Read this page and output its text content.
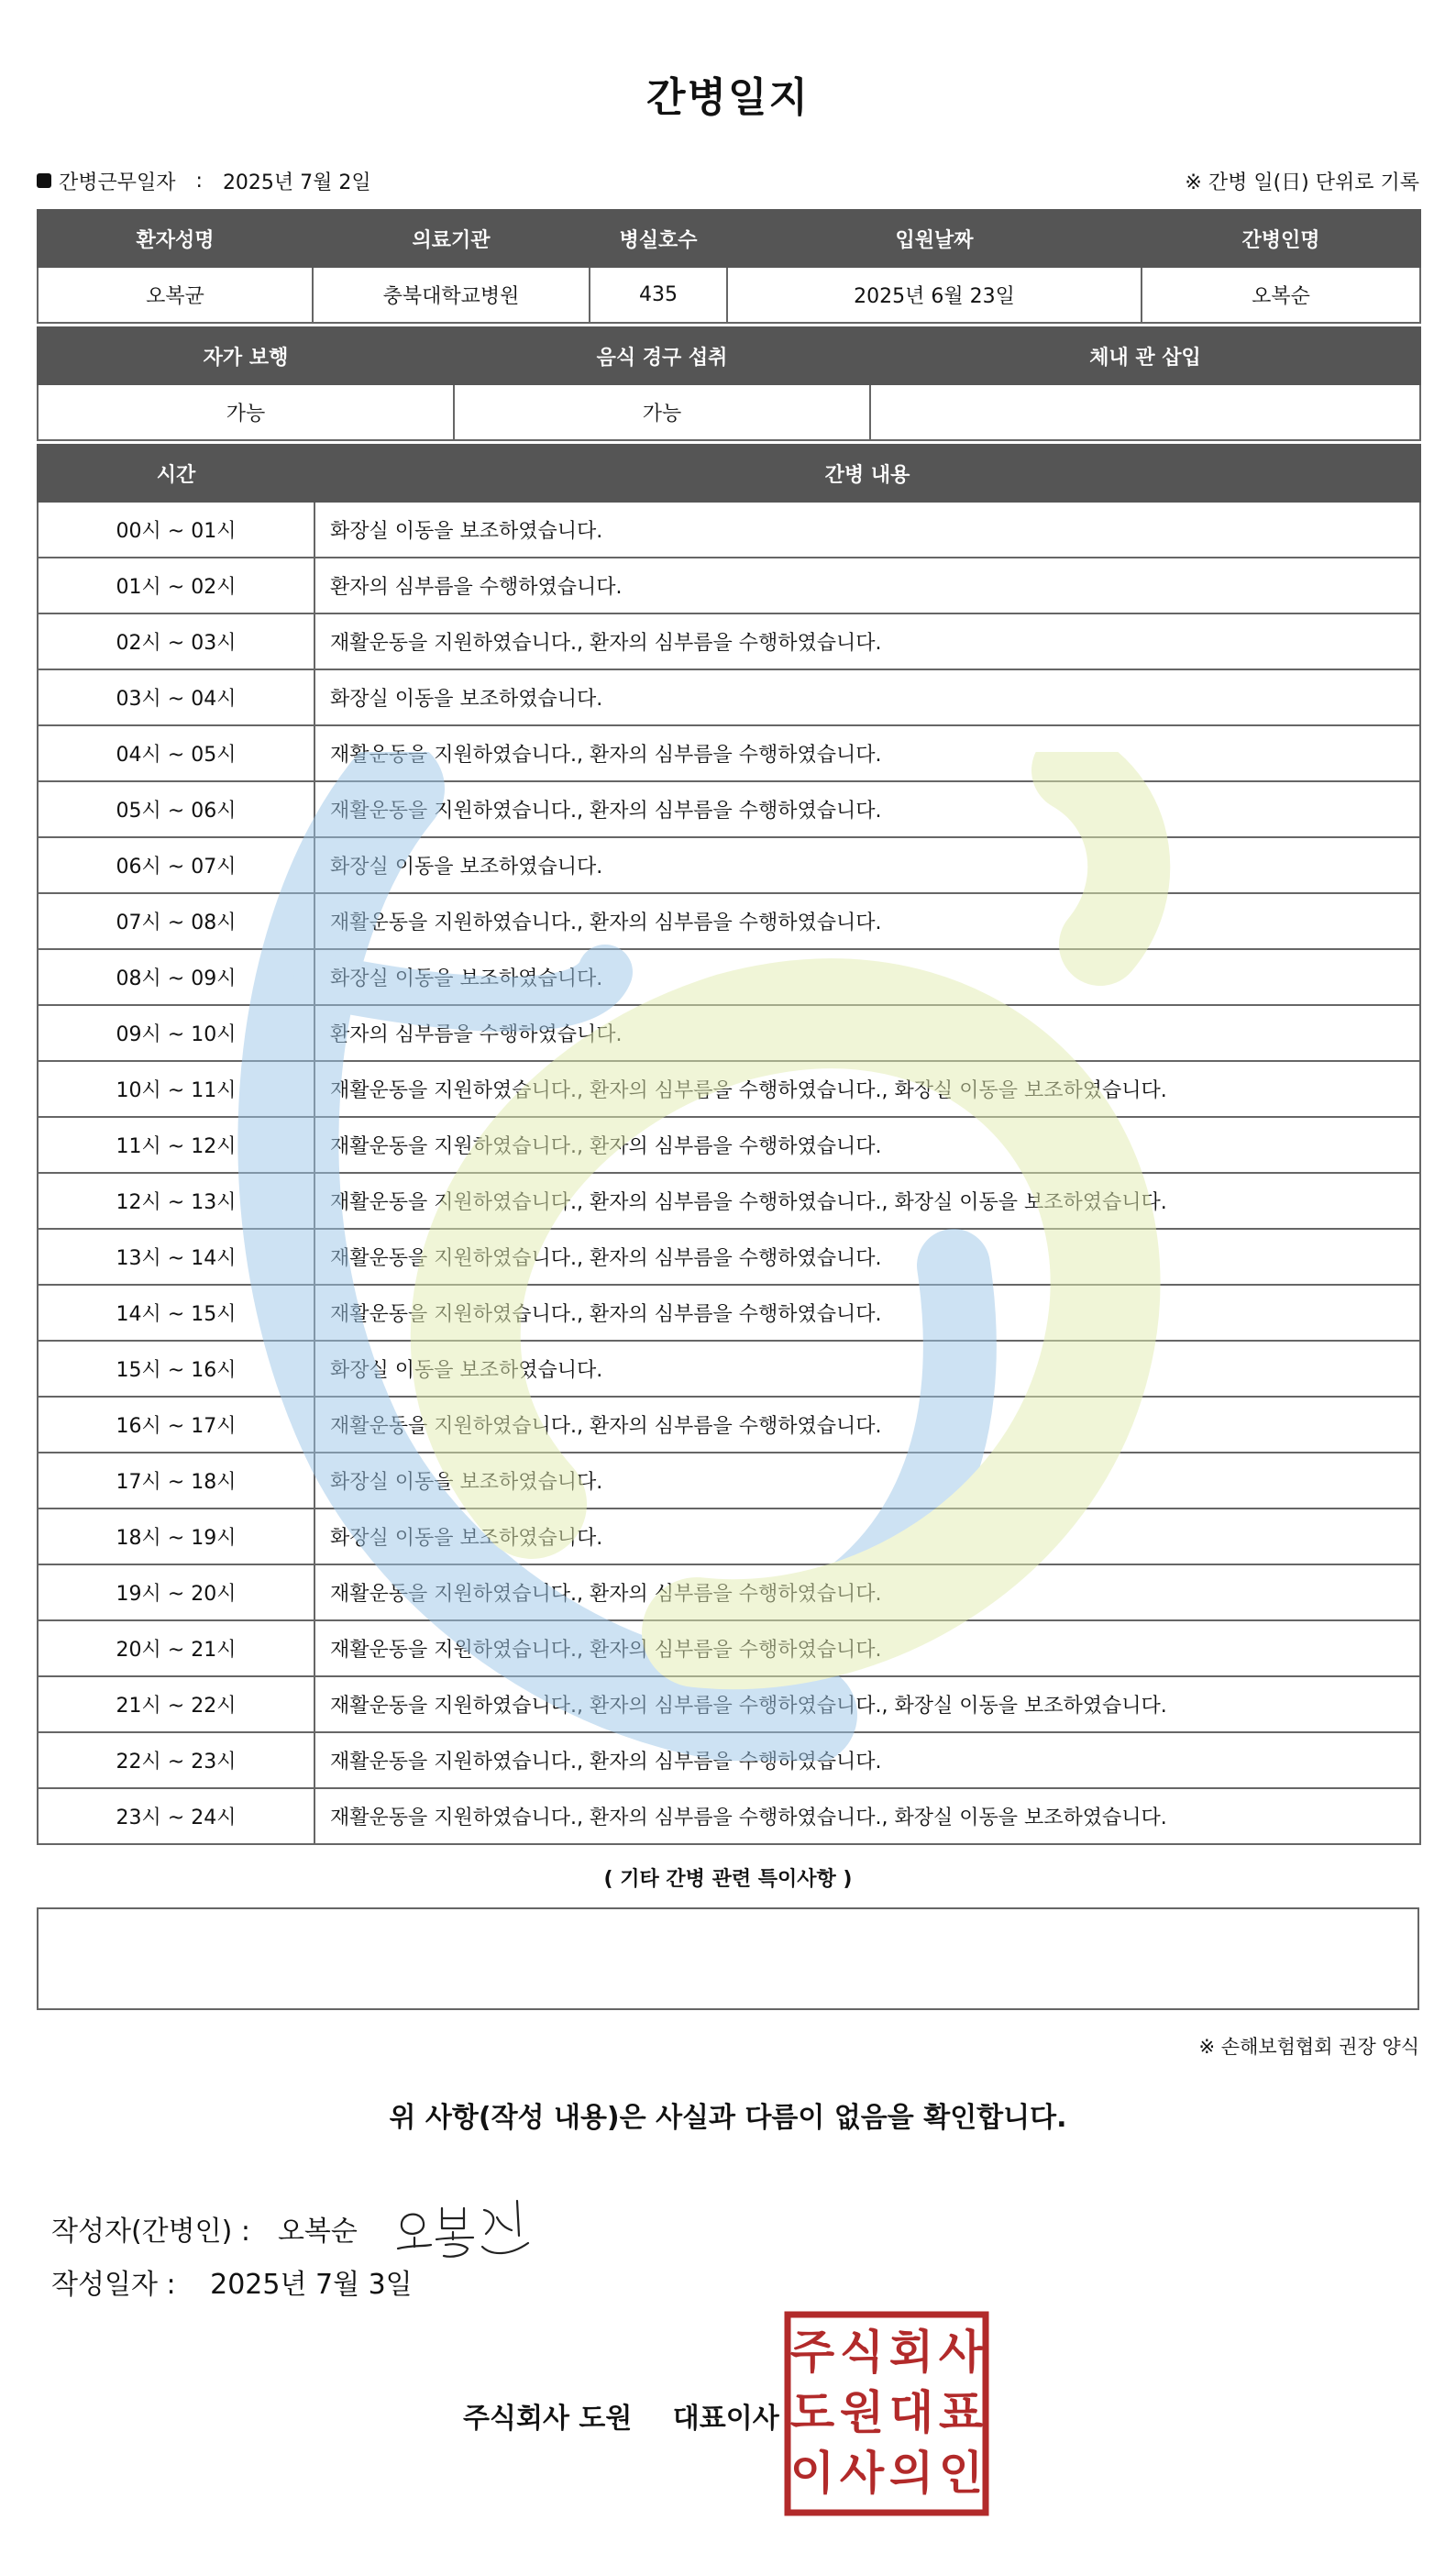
간병일지
간병근무일자 : 2025년 7월 2일	※ 간병 일(日) 단위로 기록
환자성명	의료기관	병실호수	입원날짜	간병인명
오복균	충북대학교병원	435	2025년 6월 23일	오복순
자가 보행	음식 경구 섭취	체내 관 삽입
가능	가능	
시간	간병 내용
00시 ~ 01시	화장실 이동을 보조하였습니다.
01시 ~ 02시	환자의 심부름을 수행하였습니다.
02시 ~ 03시	재활운동을 지원하였습니다., 환자의 심부름을 수행하였습니다.
03시 ~ 04시	화장실 이동을 보조하였습니다.
04시 ~ 05시	재활운동을 지원하였습니다., 환자의 심부름을 수행하였습니다.
05시 ~ 06시	재활운동을 지원하였습니다., 환자의 심부름을 수행하였습니다.
06시 ~ 07시	화장실 이동을 보조하였습니다.
07시 ~ 08시	재활운동을 지원하였습니다., 환자의 심부름을 수행하였습니다.
08시 ~ 09시	화장실 이동을 보조하였습니다.
09시 ~ 10시	환자의 심부름을 수행하였습니다.
10시 ~ 11시	재활운동을 지원하였습니다., 환자의 심부름을 수행하였습니다., 화장실 이동을 보조하였습니다.
11시 ~ 12시	재활운동을 지원하였습니다., 환자의 심부름을 수행하였습니다.
12시 ~ 13시	재활운동을 지원하였습니다., 환자의 심부름을 수행하였습니다., 화장실 이동을 보조하였습니다.
13시 ~ 14시	재활운동을 지원하였습니다., 환자의 심부름을 수행하였습니다.
14시 ~ 15시	재활운동을 지원하였습니다., 환자의 심부름을 수행하였습니다.
15시 ~ 16시	화장실 이동을 보조하였습니다.
16시 ~ 17시	재활운동을 지원하였습니다., 환자의 심부름을 수행하였습니다.
17시 ~ 18시	화장실 이동을 보조하였습니다.
18시 ~ 19시	화장실 이동을 보조하였습니다.
19시 ~ 20시	재활운동을 지원하였습니다., 환자의 심부름을 수행하였습니다.
20시 ~ 21시	재활운동을 지원하였습니다., 환자의 심부름을 수행하였습니다.
21시 ~ 22시	재활운동을 지원하였습니다., 환자의 심부름을 수행하였습니다., 화장실 이동을 보조하였습니다.
22시 ~ 23시	재활운동을 지원하였습니다., 환자의 심부름을 수행하였습니다.
23시 ~ 24시	재활운동을 지원하였습니다., 환자의 심부름을 수행하였습니다., 화장실 이동을 보조하였습니다.
( 기타 간병 관련 특이사항 )
※ 손해보험협회 권장 양식
위 사항(작성 내용)은 사실과 다름이 없음을 확인합니다.
작성자(간병인) : 오복순
작성일자 : 2025년 7월 3일
주식회사 도원 대표이사
주 식 회 사
도 원 대 표
이 사 의 인
